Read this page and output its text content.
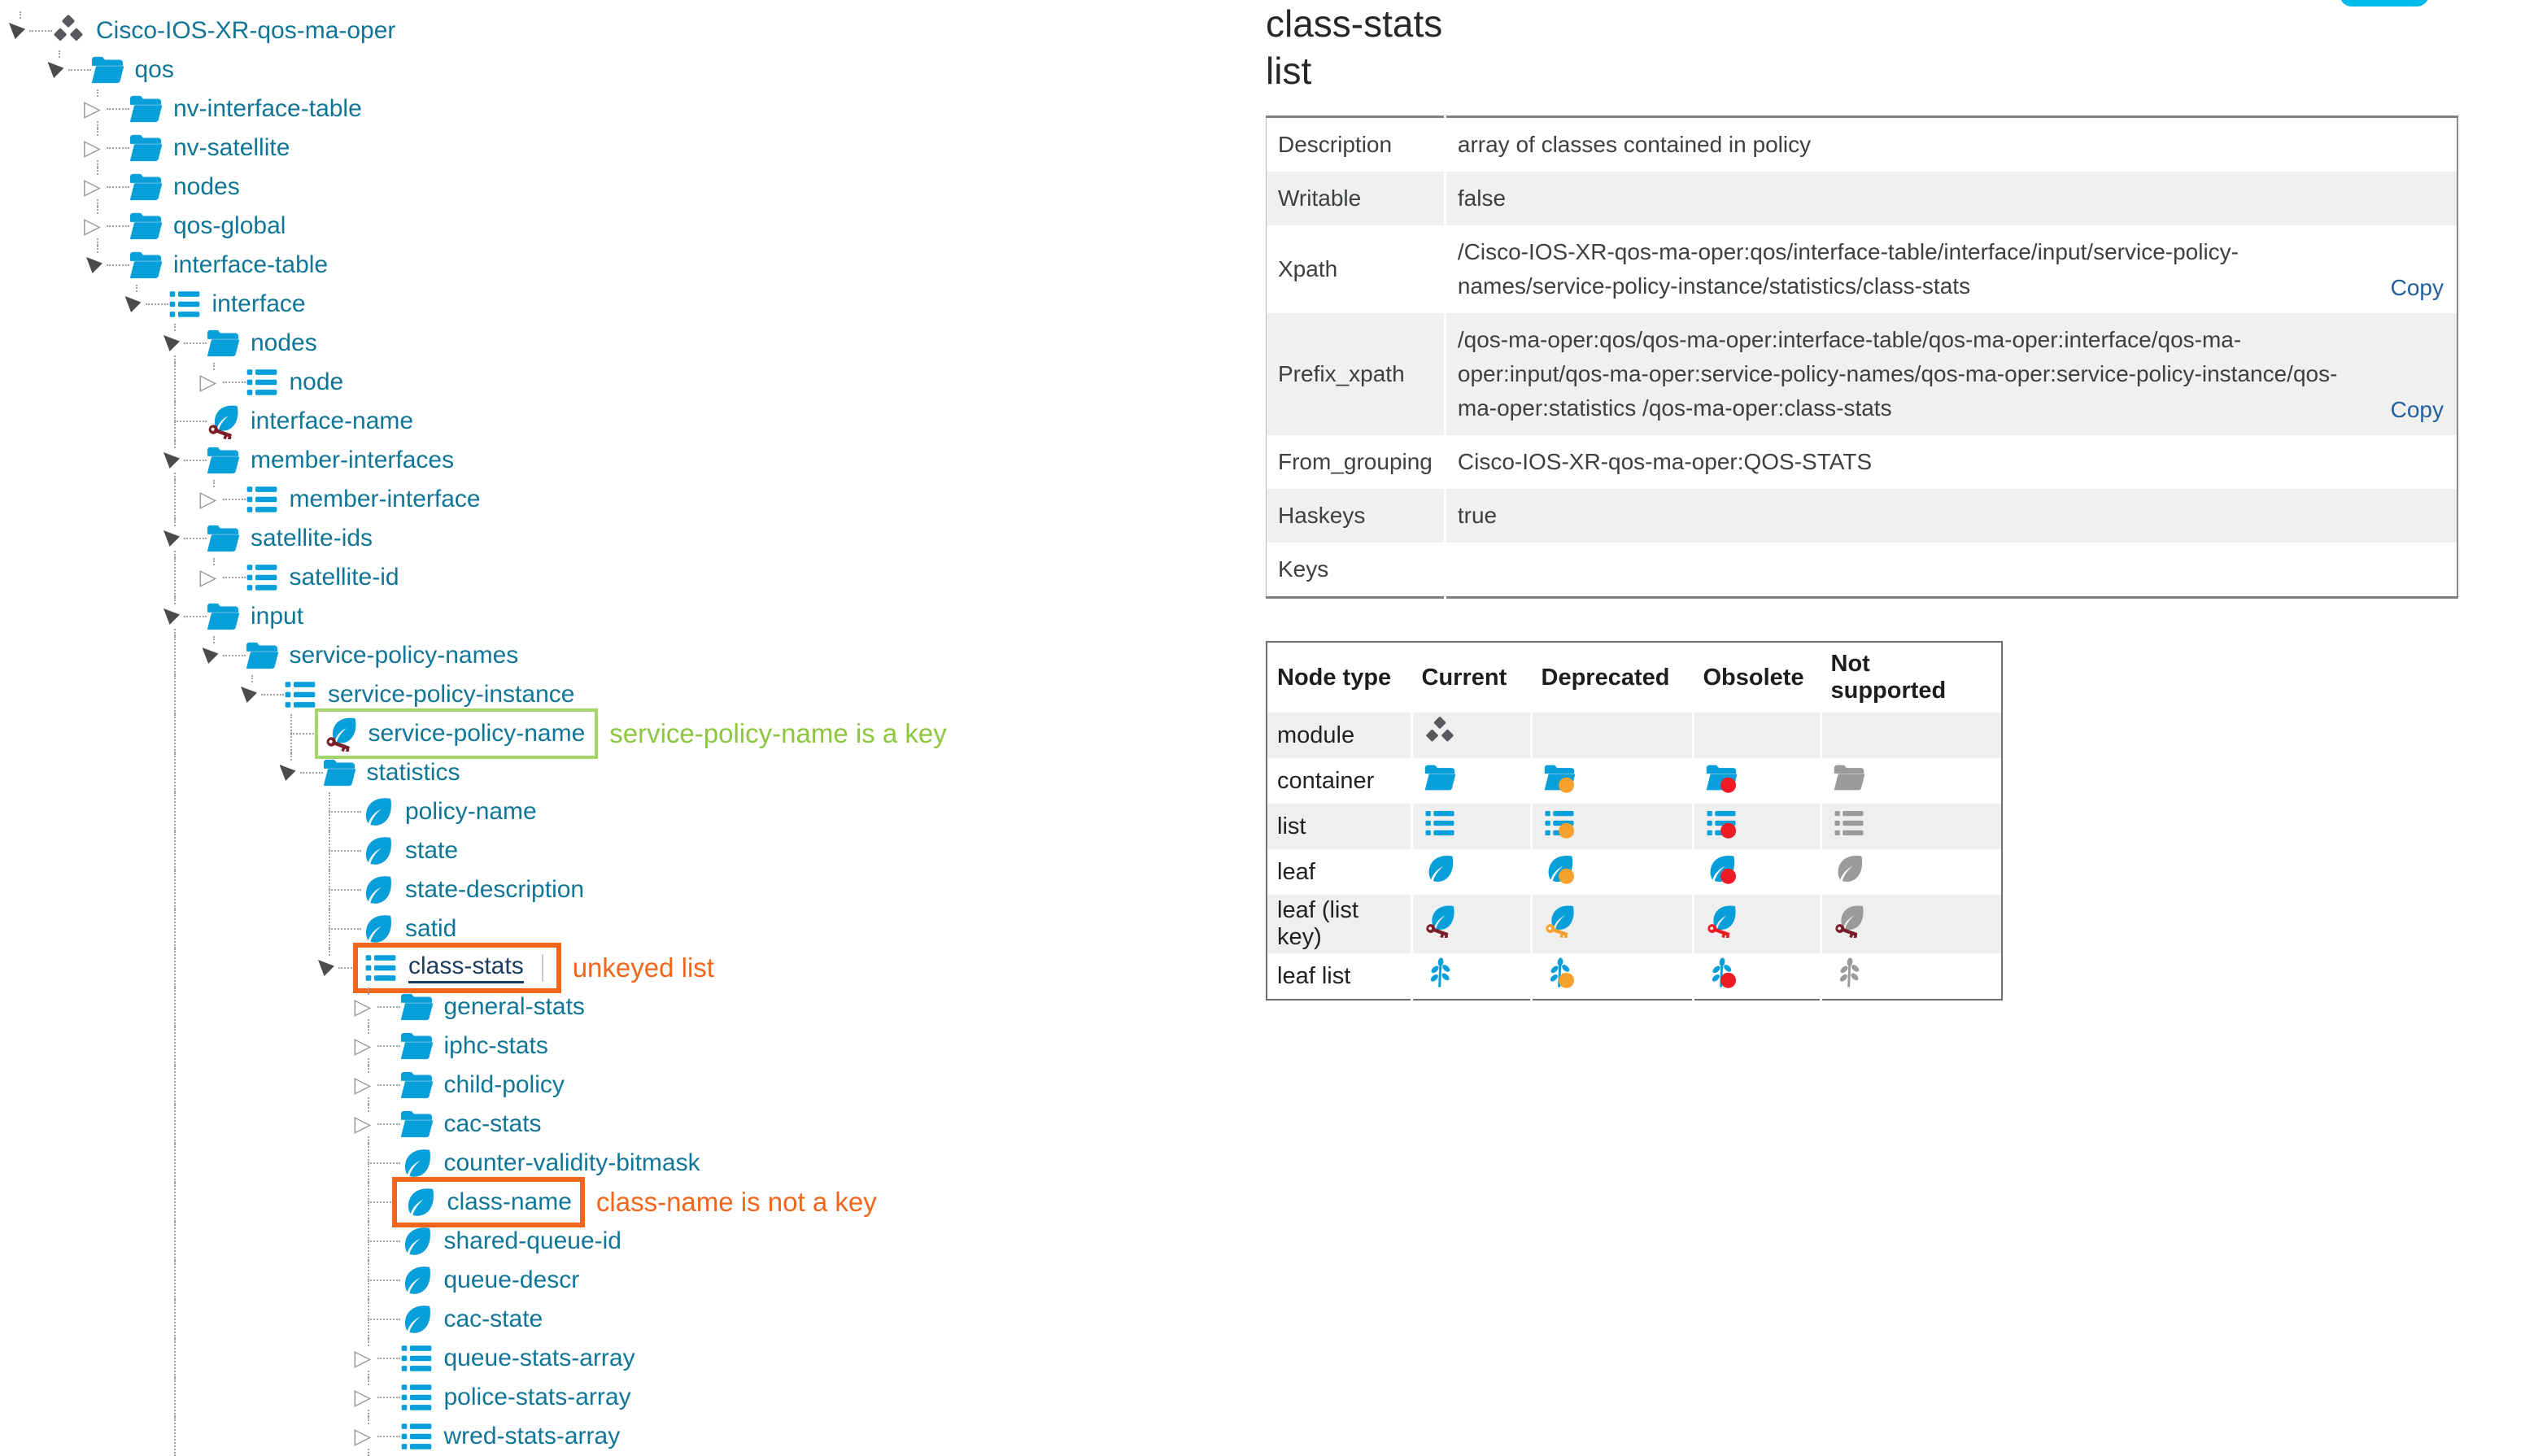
Cisco-IOS-XR-qos-ma-oper
qos
▷	nv-interface-table
▷	nv-satellite
▷	nodes
▷	qos-global
interface-table
interface
nodes
▷	node
interface-name
member-interfaces
▷	member-interface
satellite-ids
▷	satellite-id
input
service-policy-names
service-policy-instance
service-policy-name service-policy-name is a key
statistics
policy-name
state
state-description
satid
class-stats unkeyed list
▷	general-stats
▷	iphc-stats
▷	child-policy
▷	cac-stats
counter-validity-bitmask
class-name class-name is not a key
shared-queue-id
queue-descr
cac-state
▷	queue-stats-array
▷	police-stats-array
▷	wred-stats-array
class-stats
list
Description	array of classes contained in policy
Writable	false
Xpath	/Cisco-IOS-XR-qos-ma-oper:qos/interface-table/interface/input/service-policy-names/service-policy-instance/statistics/class-stats Copy

Prefix_xpath	/qos-ma-oper:qos/qos-ma-oper:interface-table/qos-ma-oper:interface/qos-ma-oper:input/qos-ma-oper:service-policy-names/qos-ma-oper:service-policy-instance/qos-ma-oper:statistics /qos-ma-oper:class-stats Copy

From_grouping	Cisco-IOS-XR-qos-ma-oper:QOS-STATS
Haskeys	true
Keys	
Node type	Current	Deprecated	Obsolete	Not supported
module				
container				
list				
leaf				
leaf (list key)				
leaf list				
